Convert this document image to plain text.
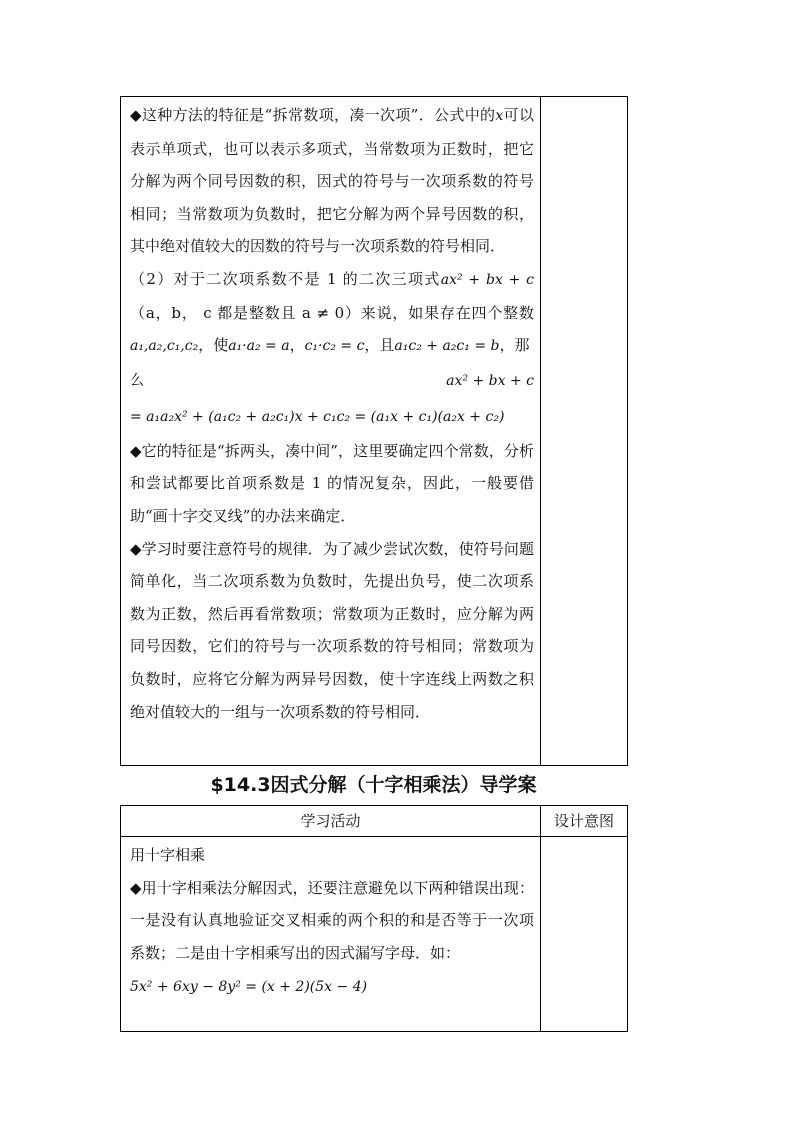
◆这种方法的特征是“拆常数项，凑一次项”．公式中的x可以表示单项式，也可以表示多项式，当常数项为正数时，把它分解为两个同号因数的积，因式的符号与一次项系数的符号相同；当常数项为负数时，把它分解为两个异号因数的积，其中绝对值较大的因数的符号与一次项系数的符号相同．

（2）对于二次项系数不是 1 的二次三项式ax² + bx + c（a，b， c 都是整数且 a ≠ 0）来说，如果存在四个整数a₁,a₂,c₁,c₂，使a₁·a₂ = a，c₁·c₂ = c，且a₁c₂ + a₂c₁ = b，那

么	ax² + bx + c
= a₁a₂x² + (a₁c₂ + a₂c₁)x + c₁c₂ = (a₁x + c₁)(a₂x + c₂)

◆它的特征是“拆两头，凑中间”，这里要确定四个常数，分析和尝试都要比首项系数是 1 的情况复杂，因此，一般要借助“画十字交叉线”的办法来确定．

◆学习时要注意符号的规律．为了减少尝试次数，使符号问题简单化，当二次项系数为负数时，先提出负号，使二次项系数为正数，然后再看常数项；常数项为正数时，应分解为两同号因数，它们的符号与一次项系数的符号相同；常数项为负数时，应将它分解为两异号因数，使十字连线上两数之积绝对值较大的一组与一次项系数的符号相同．

$14.3因式分解（十字相乘法）导学案
学习活动	设计意图

用十字相乘

◆用十字相乘法分解因式，还要注意避免以下两种错误出现：一是没有认真地验证交叉相乘的两个积的和是否等于一次项系数；二是由十字相乘写出的因式漏写字母．如：

5x² + 6xy − 8y² = (x + 2)(5x − 4)	
